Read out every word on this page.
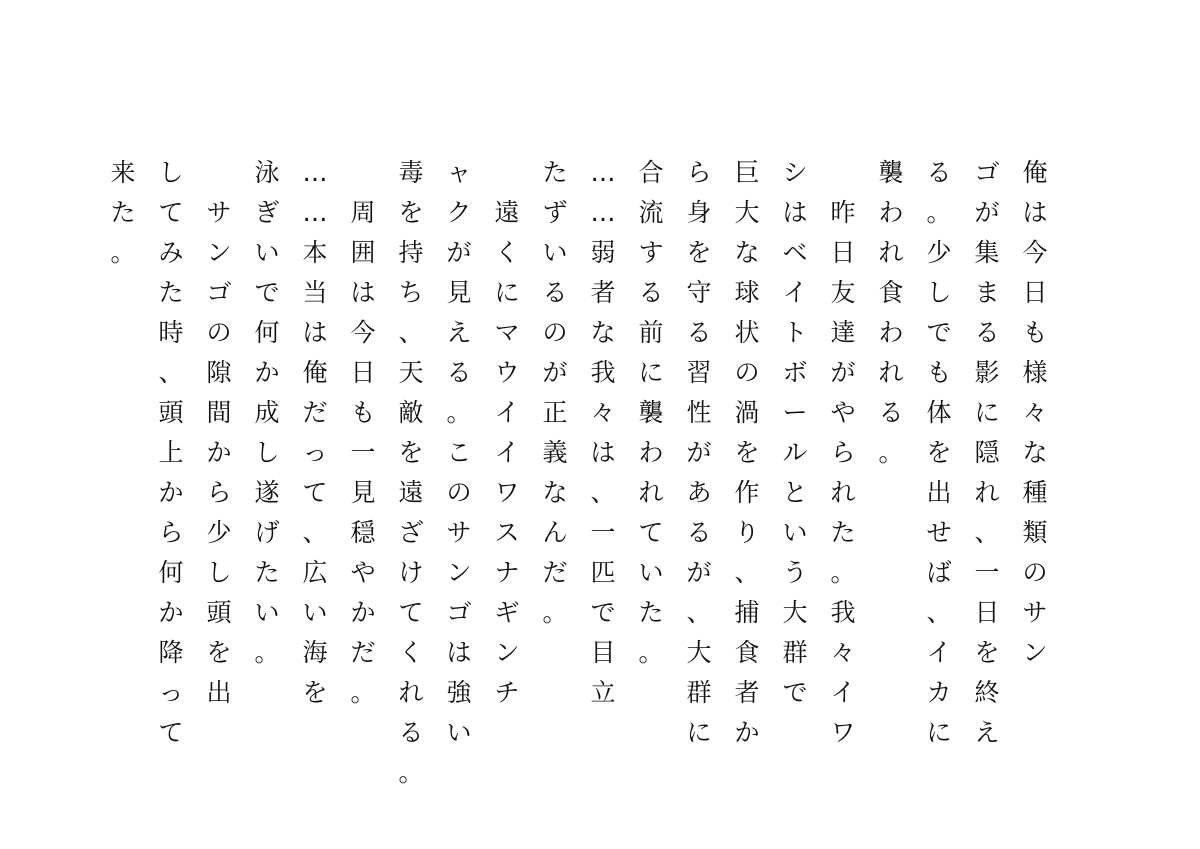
俺
は
今
日
も
様
々
な
種
類
の
サ
ン
ゴ
が
集
ま
る
影
に
隠
れ
、
一
日
を
終
え
る
。
少
し
で
も
体
を
出
せ
ば
、
イ
カ
に
襲
わ
れ
食
わ
れ
る
。

昨
日
友
達
が
や
ら
れ
た
。
我
々
イ
ワ
シ
は
ベ
イ
ト
ボ
ー
ル
と
い
う
大
群
で
巨
大
な
球
状
の
渦
を
作
り
、
捕
食
者
か
ら
身
を
守
る
習
性
が
あ
る
が
、
大
群
に
合
流
す
る
前
に
襲
わ
れ
て
い
た
。
…
…
弱
者
な
我
々
は
、
一
匹
で
目
立
た
ず
い
る
の
が
正
義
な
ん
だ
。

遠
く
に
マ
ウ
イ
イ
ワ
ス
ナ
ギ
ン
チ
ャ
ク
が
見
え
る
。
こ
の
サ
ン
ゴ
は
強
い
毒
を
持
ち
、
天
敵
を
遠
ざ
け
て
く
れ
る
。

周
囲
は
今
日
も
一
見
穏
や
か
だ
。
…
…
本
当
は
俺
だ
っ
て
、
広
い
海
を
泳
ぎ
い
で
何
か
成
し
遂
げ
た
い
。

サ
ン
ゴ
の
隙
間
か
ら
少
し
頭
を
出
し
て
み
た
時
、
頭
上
か
ら
何
か
降
っ
て
来
た
。
